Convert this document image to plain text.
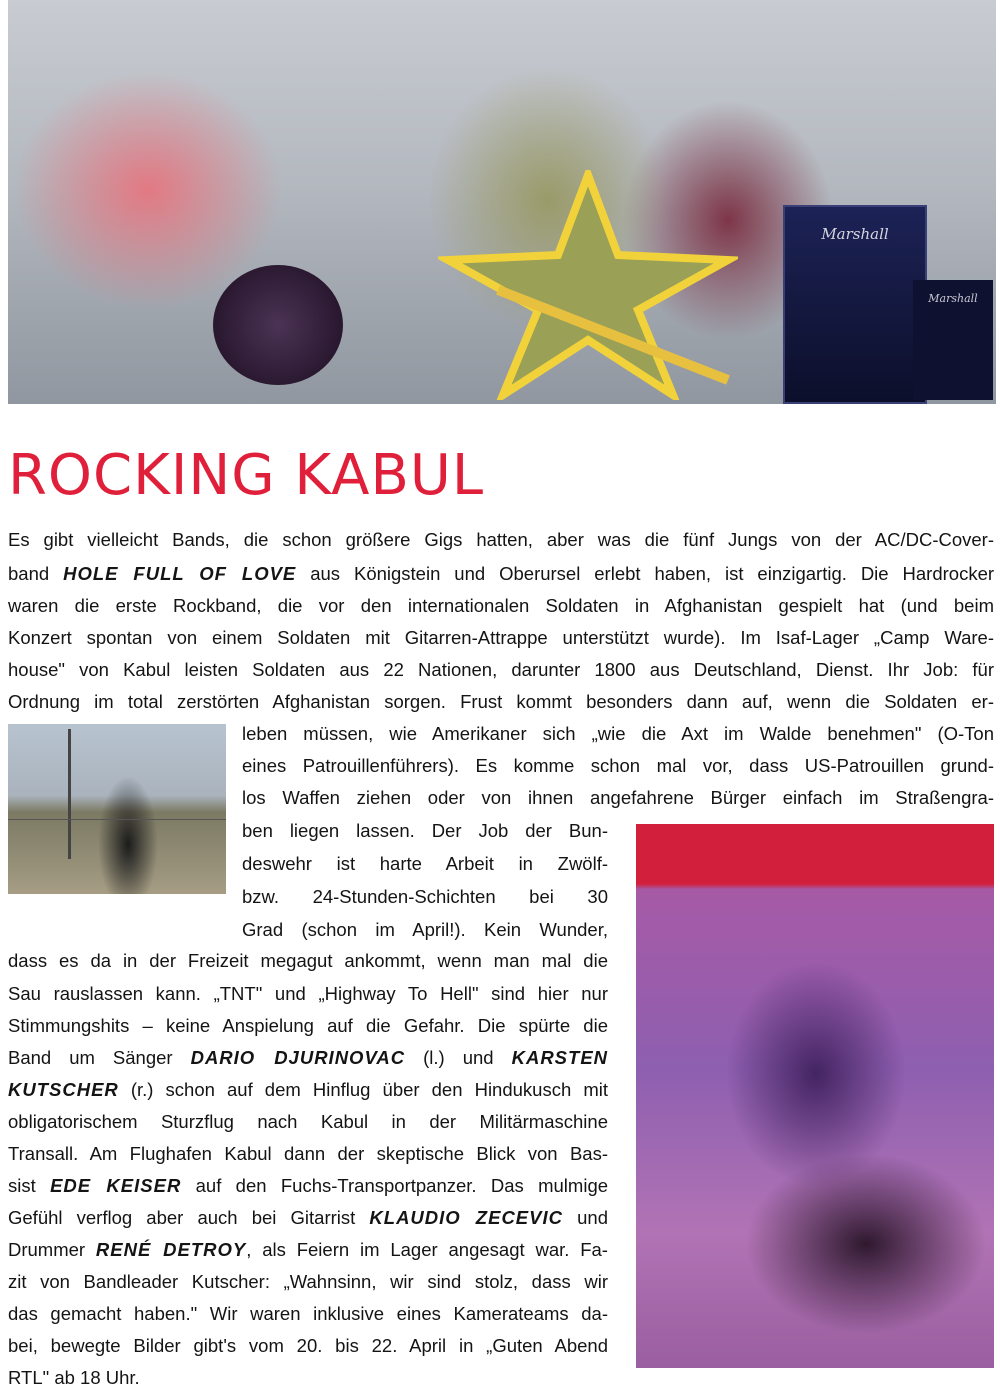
Marshall
Marshall
ROCKING KABUL

Es gibt vielleicht Bands, die schon größere Gigs hatten, aber was die fünf Jungs von der AC/DC-Cover-

band HOLE FULL OF LOVE aus Königstein und Oberursel erlebt haben, ist einzigartig. Die Hardrocker

waren die erste Rockband, die vor den internationalen Soldaten in Afghanistan gespielt hat (und beim

Konzert spontan von einem Soldaten mit Gitarren-Attrappe unterstützt wurde). Im Isaf-Lager „Camp Ware-

house" von Kabul leisten Soldaten aus 22 Nationen, darunter 1800 aus Deutschland, Dienst. Ihr Job: für

Ordnung im total zerstörten Afghanistan sorgen. Frust kommt besonders dann auf, wenn die Soldaten er-

leben müssen, wie Amerikaner sich „wie die Axt im Walde benehmen" (O-Ton

eines Patrouillenführers). Es komme schon mal vor, dass US-Patrouillen grund-

los Waffen ziehen oder von ihnen angefahrene Bürger einfach im Straßengra-

ben liegen lassen. Der Job der Bun-

deswehr ist harte Arbeit in Zwölf-

bzw. 24-Stunden-Schichten bei 30

Grad (schon im April!). Kein Wunder,

dass es da in der Freizeit megagut ankommt, wenn man mal die

Sau rauslassen kann. „TNT" und „Highway To Hell" sind hier nur

Stimmungshits – keine Anspielung auf die Gefahr. Die spürte die

Band um Sänger DARIO DJURINOVAC (l.) und KARSTEN

KUTSCHER (r.) schon auf dem Hinflug über den Hindukusch mit

obligatorischem Sturzflug nach Kabul in der Militärmaschine

Transall. Am Flughafen Kabul dann der skeptische Blick von Bas-

sist EDE KEISER auf den Fuchs-Transportpanzer. Das mulmige

Gefühl verflog aber auch bei Gitarrist KLAUDIO ZECEVIC und

Drummer RENÉ DETROY, als Feiern im Lager angesagt war. Fa-

zit von Bandleader Kutscher: „Wahnsinn, wir sind stolz, dass wir

das gemacht haben." Wir waren inklusive eines Kamerateams da-

bei, bewegte Bilder gibt's vom 20. bis 22. April in „Guten Abend

RTL" ab 18 Uhr.
